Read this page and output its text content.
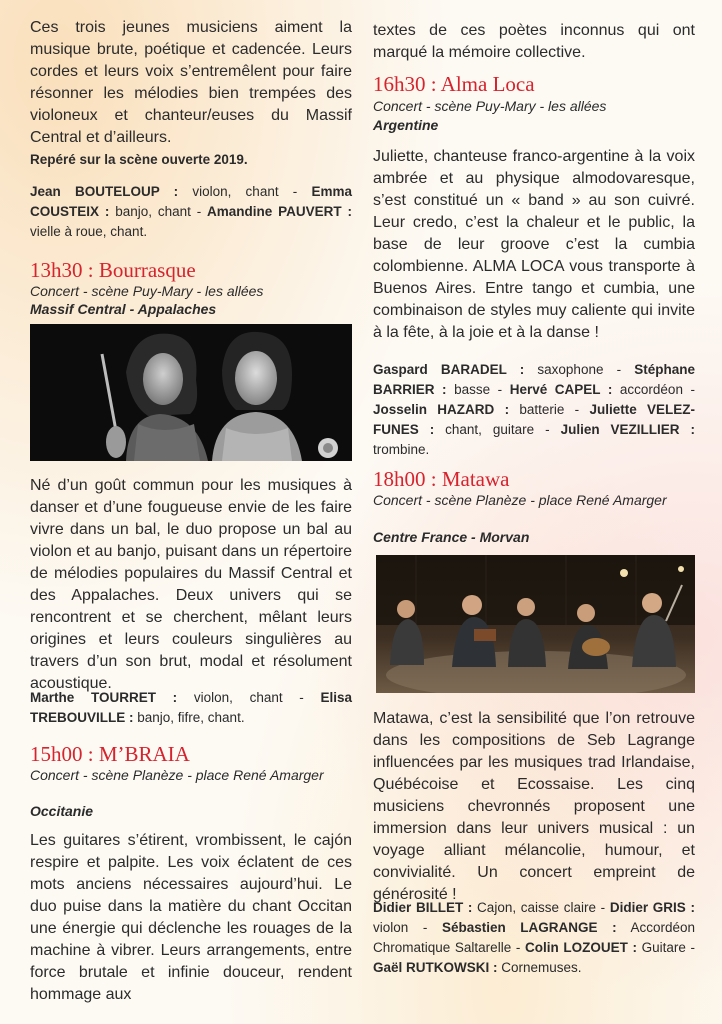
Ces trois jeunes musiciens aiment la musique brute, poétique et cadencée. Leurs cordes et leurs voix s’entremêlent pour faire résonner les mélodies bien trempées des violoneux et chanteur/euses du Massif Central et d’ailleurs.

Repéré sur la scène ouverte 2019.

Jean BOUTELOUP : violon, chant - Emma COUSTEIX : banjo, chant - Amandine PAUVERT : vielle à roue, chant.

13h30 : Bourrasque

Concert - scène Puy-Mary - les allées

Massif Central - Appalaches

Né d’un goût commun pour les musiques à danser et d’une fougueuse envie de les faire vivre dans un bal, le duo propose un bal au violon et au banjo, puisant dans un répertoire de mélodies populaires du Massif Central et des Appalaches. Deux univers qui se rencontrent et se cherchent, mêlant leurs origines et leurs couleurs singulières au travers d’un son brut, modal et résolument acoustique.

Marthe TOURRET : violon, chant - Elisa TREBOUVILLE : banjo, fifre, chant.

15h00 : M’BRAIA

Concert - scène Planèze - place René Amarger

Occitanie

Les guitares s’étirent, vrombissent, le cajón respire et palpite. Les voix éclatent de ces mots anciens nécessaires aujourd’hui. Le duo puise dans la matière du chant Occitan une énergie qui déclenche les rouages de la machine à vibrer. Leurs arrangements, entre force brutale et infinie douceur, rendent hommage aux

textes de ces poètes inconnus qui ont marqué la mémoire collective.

16h30 : Alma Loca

Concert - scène Puy-Mary - les allées

Argentine

Juliette, chanteuse franco-argentine à la voix ambrée et au physique almodovaresque, s’est constitué un « band » au son cuivré. Leur credo, c’est la chaleur et le public, la base de leur groove c’est la cumbia colombienne. ALMA LOCA vous transporte à Buenos Aires. Entre tango et cumbia, une combinaison de styles muy caliente qui invite à la fête, à la joie et à la danse !

Gaspard BARADEL : saxophone - Stéphane BARRIER : basse - Hervé CAPEL : accordéon - Josselin HAZARD : batterie - Juliette VELEZ-FUNES : chant, guitare - Julien VEZILLIER : trombine.

18h00 : Matawa

Concert - scène Planèze - place René Amarger

Centre France - Morvan

Matawa, c’est la sensibilité que l’on retrouve dans les compositions de Seb Lagrange influencées par les musiques trad Irlandaise, Québécoise et Ecossaise. Les cinq musiciens chevronnés proposent une immersion dans leur univers musical : un voyage alliant mélancolie, humour, et convivialité. Un concert empreint de générosité !

Didier BILLET : Cajon, caisse claire - Didier GRIS : violon - Sébastien LAGRANGE : Accordéon Chromatique Saltarelle - Colin LOZOUET : Guitare - Gaël RUTKOWSKI : Cornemuses.
